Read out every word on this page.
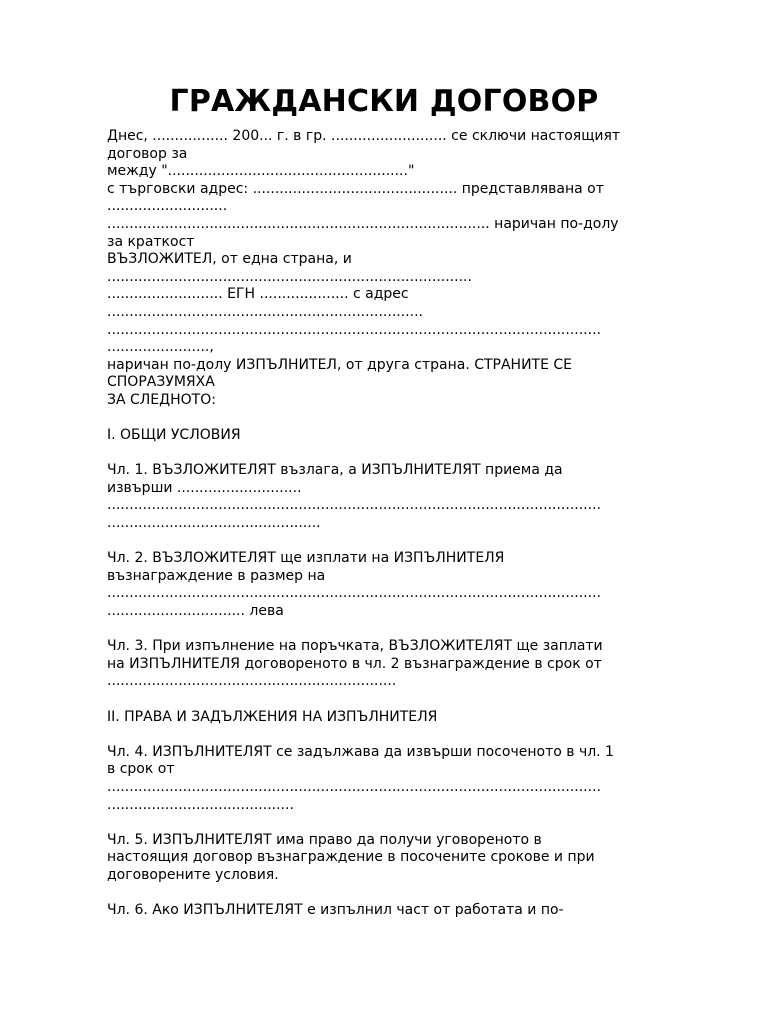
ГРАЖДАНСКИ ДОГОВОР
Днес, ................. 200... г. в гр. .......................... се сключи настоящият
договор за
между "......................................................"
с търговски адрес: .............................................. представлявана от
...........................
...................................................................................... наричан по-долу
за краткост
ВЪЗЛОЖИТЕЛ, от една страна, и
..................................................................................
.......................... ЕГН .................... с адрес
.......................................................................
...............................................................................................................
.......................,
наричан по-долу ИЗПЪЛНИТЕЛ, от друга страна. СТРАНИТЕ СЕ
СПОРАЗУМЯХА
ЗА СЛЕДНОТО:
I. ОБЩИ УСЛОВИЯ
Чл. 1. ВЪЗЛОЖИТЕЛЯТ възлага, а ИЗПЪЛНИТЕЛЯТ приема да
извърши ............................
...............................................................................................................
................................................
Чл. 2. ВЪЗЛОЖИТЕЛЯТ ще изплати на ИЗПЪЛНИТЕЛЯ
възнаграждение в размер на
...............................................................................................................
............................... лева
Чл. 3. При изпълнение на поръчката, ВЪЗЛОЖИТЕЛЯТ ще заплати
на ИЗПЪЛНИТЕЛЯ договореното в чл. 2 възнаграждение в срок от
.................................................................
II. ПРАВА И ЗАДЪЛЖЕНИЯ НА ИЗПЪЛНИТЕЛЯ
Чл. 4. ИЗПЪЛНИТЕЛЯТ се задължава да извърши посоченото в чл. 1
в срок от
...............................................................................................................
..........................................
Чл. 5. ИЗПЪЛНИТЕЛЯТ има право да получи уговореното в
настоящия договор възнаграждение в посочените срокове и при
договорените условия.
Чл. 6. Ако ИЗПЪЛНИТЕЛЯТ е изпълнил част от работата и по-
